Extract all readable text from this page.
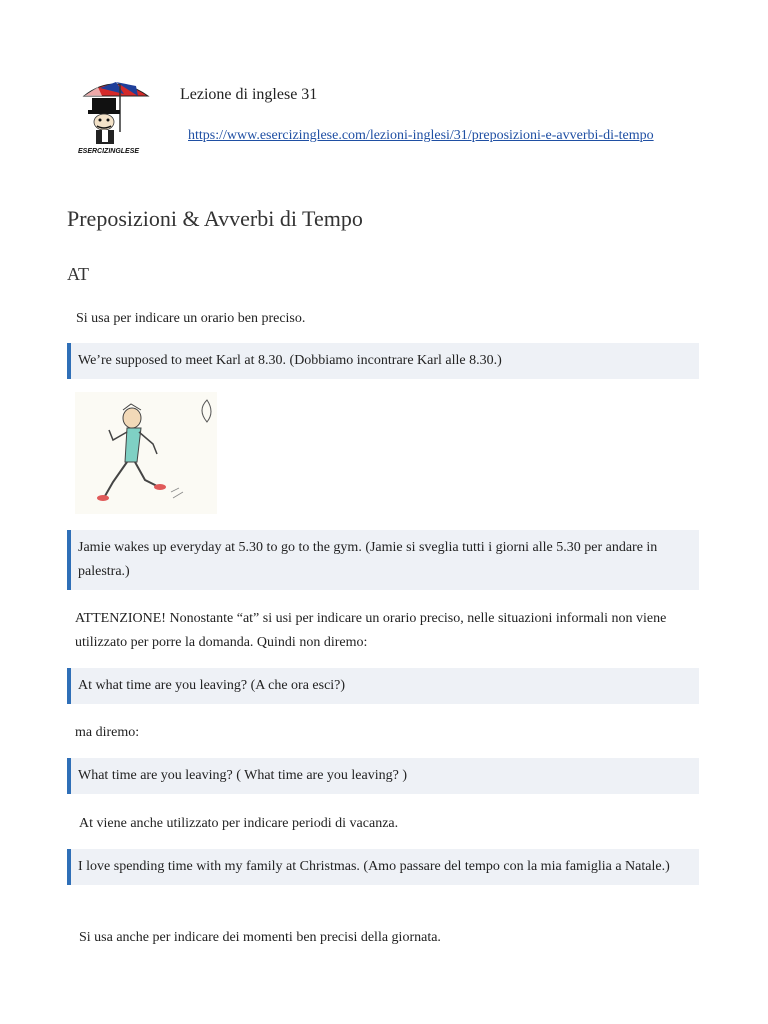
ESERCIZINGLESE
Lezione di inglese 31
https://www.esercizinglese.com/lezioni-inglesi/31/preposizioni-e-avverbi-di-tempo
Preposizioni & Avverbi di Tempo
AT
Si usa per indicare un orario ben preciso.
We’re supposed to meet Karl at 8.30. (Dobbiamo incontrare Karl alle 8.30.)
Jamie wakes up everyday at 5.30 to go to the gym. (Jamie si sveglia tutti i giorni alle 5.30 per andare in palestra.)
ATTENZIONE! Nonostante “at” si usi per indicare un orario preciso, nelle situazioni informali non viene utilizzato per porre la domanda. Quindi non diremo:
At what time are you leaving? (A che ora esci?)
ma diremo:
What time are you leaving? ( What time are you leaving? )
At viene anche utilizzato per indicare periodi di vacanza.
I love spending time with my family at Christmas. (Amo passare del tempo con la mia famiglia a Natale.)
Si usa anche per indicare dei momenti ben precisi della giornata.
